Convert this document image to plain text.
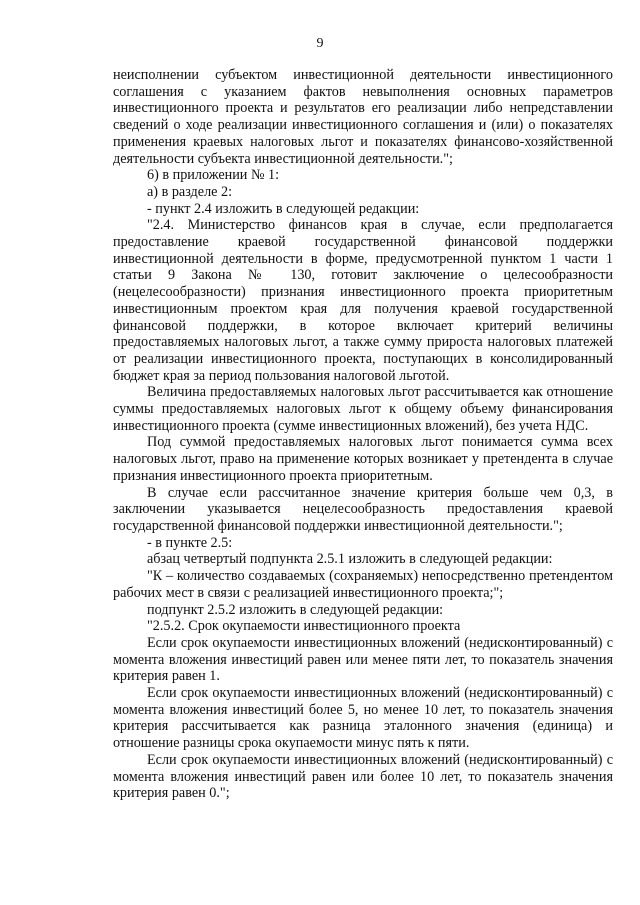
9

неисполнении субъектом инвестиционной деятельности инвестиционного соглашения с указанием фактов невыполнения основных параметров инвестиционного проекта и результатов его реализации либо непредставлении сведений о ходе реализации инвестиционного соглашения и (или) о показателях применения краевых налоговых льгот и показателях финансово-хозяйственной деятельности субъекта инвестиционной деятельности.";

6) в приложении № 1:

а) в разделе 2:

- пункт 2.4 изложить в следующей редакции:

"2.4. Министерство финансов края в случае, если предполагается предоставление краевой государственной финансовой поддержки инвестиционной деятельности в форме, предусмотренной пунктом 1 части 1 статьи 9 Закона № 130, готовит заключение о целесообразности (нецелесообразности) признания инвестиционного проекта приоритетным инвестиционным проектом края для получения краевой государственной финансовой поддержки, в которое включает критерий величины предоставляемых налоговых льгот, а также сумму прироста налоговых платежей от реализации инвестиционного проекта, поступающих в консолидированный бюджет края за период пользования налоговой льготой.

Величина предоставляемых налоговых льгот рассчитывается как отношение суммы предоставляемых налоговых льгот к общему объему финансирования инвестиционного проекта (сумме инвестиционных вложений), без учета НДС.

Под суммой предоставляемых налоговых льгот понимается сумма всех налоговых льгот, право на применение которых возникает у претендента в случае признания инвестиционного проекта приоритетным.

В случае если рассчитанное значение критерия больше чем 0,3, в заключении указывается нецелесообразность предоставления краевой государственной финансовой поддержки инвестиционной деятельности.";

- в пункте 2.5:

абзац четвертый подпункта 2.5.1 изложить в следующей редакции:

"К – количество создаваемых (сохраняемых) непосредственно претендентом рабочих мест в связи с реализацией инвестиционного проекта;";

подпункт 2.5.2 изложить в следующей редакции:

"2.5.2. Срок окупаемости инвестиционного проекта

Если срок окупаемости инвестиционных вложений (недисконтированный) с момента вложения инвестиций равен или менее пяти лет, то показатель значения критерия равен 1.

Если срок окупаемости инвестиционных вложений (недисконтированный) с момента вложения инвестиций более 5, но менее 10 лет, то показатель значения критерия рассчитывается как разница эталонного значения (единица) и отношение разницы срока окупаемости минус пять к пяти.

Если срок окупаемости инвестиционных вложений (недисконтированный) с момента вложения инвестиций равен или более 10 лет, то показатель значения критерия равен 0.";
